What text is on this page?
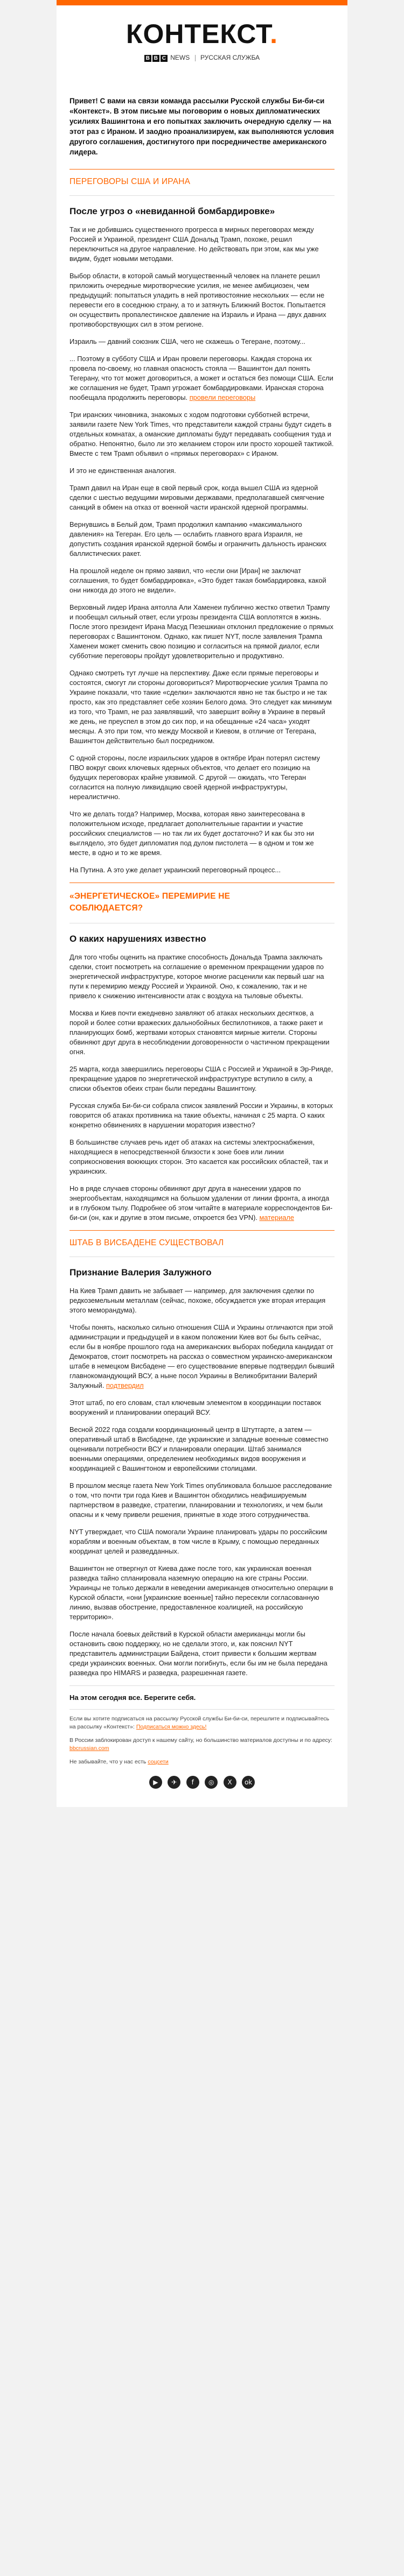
КОНТЕКСТ.
B B C NEWS РУССКАЯ СЛУЖБА

Привет! С вами на связи команда рассылки Русской службы Би-би-си «Контекст». В этом письме мы поговорим о новых дипломатических усилиях Вашингтона и его попытках заключить очередную сделку — на этот раз с Ираном. И заодно проанализируем, как выполняются условия другого соглашения, достигнутого при посредничестве американского лидера.

ПЕРЕГОВОРЫ США И ИРАНА
После угроз о «невиданной бомбардировке»

Так и не добившись существенного прогресса в мирных переговорах между Россией и Украиной, президент США Дональд Трамп, похоже, решил переключиться на другое направление. Но действовать при этом, как мы уже видим, будет новыми методами.

Выбор области, в которой самый могущественный человек на планете решил приложить очередные миротворческие усилия, не менее амбициозен, чем предыдущий: попытаться уладить в ней противостояние нескольких — если не перевести его в соседнюю страну, а то и затянуть Ближний Восток. Попытается он осуществить пропалестинское давление на Израиль и Ирана — двух давних противоборствующих сил в этом регионе.

Израиль — давний союзник США, чего не скажешь о Тегеране, поэтому...

... Поэтому в субботу США и Иран провели переговоры. Каждая сторона их провела по-своему, но главная опасность стояла — Вашингтон дал понять Тегерану, что тот может договориться, а может и остаться без помощи США. Если же соглашения не будет, Трамп угрожает бомбардировками. Иранская сторона пообещала продолжить переговоры. провели переговоры

Три иранских чиновника, знакомых с ходом подготовки субботней встречи, заявили газете New York Times, что представители каждой страны будут сидеть в отдельных комнатах, а оманские дипломаты будут передавать сообщения туда и обратно. Непонятно, было ли это желанием сторон или просто хорошей тактикой. Вместе с тем Трамп объявил о «прямых переговорах» с Ираном.

И это не единственная аналогия.

Трамп давил на Иран еще в свой первый срок, когда вышел США из ядерной сделки с шестью ведущими мировыми державами, предполагавшей смягчение санкций в обмен на отказ от военной части иранской ядерной программы.

Вернувшись в Белый дом, Трамп продолжил кампанию «максимального давления» на Тегеран. Его цель — ослабить главного врага Израиля, не допустить создания иранской ядерной бомбы и ограничить дальность иранских баллистических ракет.

На прошлой неделе он прямо заявил, что «если они [Иран] не заключат соглашения, то будет бомбардировка», «Это будет такая бомбардировка, какой они никогда до этого не видели».

Верховный лидер Ирана аятолла Али Хаменеи публично жестко ответил Трампу и пообещал сильный ответ, если угрозы президента США воплотятся в жизнь. После этого президент Ирана Масуд Пезешкиан отклонил предложение о прямых переговорах с Вашингтоном. Однако, как пишет NYT, после заявления Трампа Хаменеи может сменить свою позицию и согласиться на прямой диалог, если субботние переговоры пройдут удовлетворительно и продуктивно.

Однако смотреть тут лучше на перспективу. Даже если прямые переговоры и состоятся, смогут ли стороны договориться? Миротворческие усилия Трампа по Украине показали, что такие «сделки» заключаются явно не так быстро и не так просто, как это представляет себе хозяин Белого дома. Это следует как минимум из того, что Трамп, не раз заявлявший, что завершит войну в Украине в первый же день, не преуспел в этом до сих пор, и на обещанные «24 часа» уходят месяцы. А это при том, что между Москвой и Киевом, в отличие от Тегерана, Вашингтон действительно был посредником.

С одной стороны, после израильских ударов в октябре Иран потерял систему ПВО вокруг своих ключевых ядерных объектов, что делает его позицию на будущих переговорах крайне уязвимой. С другой — ожидать, что Тегеран согласится на полную ликвидацию своей ядерной инфраструктуры, нереалистично.

Что же делать тогда? Например, Москва, которая явно заинтересована в положительном исходе, предлагает дополнительные гарантии и участие российских специалистов — но так ли их будет достаточно? И как бы это ни выглядело, это будет дипломатия под дулом пистолета — в одном и том же месте, в одно и то же время.

На Путина. А это уже делает украинский переговорный процесс...

«ЭНЕРГЕТИЧЕСКОЕ» ПЕРЕМИРИЕ НЕ
СОБЛЮДАЕТСЯ?
О каких нарушениях известно

Для того чтобы оценить на практике способность Дональда Трампа заключать сделки, стоит посмотреть на соглашение о временном прекращении ударов по энергетической инфраструктуре, которое многие расценили как первый шаг на пути к перемирию между Россией и Украиной. Оно, к сожалению, так и не привело к снижению интенсивности атак с воздуха на тыловые объекты.

Москва и Киев почти ежедневно заявляют об атаках нескольких десятков, а порой и более сотни вражеских дальнобойных беспилотников, а также ракет и планирующих бомб, жертвами которых становятся мирные жители. Стороны обвиняют друг друга в несоблюдении договоренности о частичном прекращении огня.

25 марта, когда завершились переговоры США с Россией и Украиной в Эр-Рияде, прекращение ударов по энергетической инфраструктуре вступило в силу, а списки объектов обеих стран были переданы Вашингтону.

Русская служба Би-би-си собрала список заявлений России и Украины, в которых говорится об атаках противника на такие объекты, начиная с 25 марта. О каких конкретно обвинениях в нарушении моратория известно?

В большинстве случаев речь идет об атаках на системы электроснабжения, находящиеся в непосредственной близости к зоне боев или линии соприкосновения воюющих сторон. Это касается как российских областей, так и украинских.

Но в ряде случаев стороны обвиняют друг друга в нанесении ударов по энергообъектам, находящимся на большом удалении от линии фронта, а иногда и в глубоком тылу. Подробнее об этом читайте в материале корреспондентов Би-би-си (он, как и другие в этом письме, откроется без VPN). материале

ШТАБ В ВИСБАДЕНЕ СУЩЕСТВОВАЛ
Признание Валерия Залужного

На Киев Трамп давить не забывает — например, для заключения сделки по редкоземельным металлам (сейчас, похоже, обсуждается уже вторая итерация этого меморандума).

Чтобы понять, насколько сильно отношения США и Украины отличаются при этой администрации и предыдущей и в каком положении Киев вот бы быть сейчас, если бы в ноябре прошлого года на американских выборах победила кандидат от Демократов, стоит посмотреть на рассказ о совместном украинско-американском штабе в немецком Висбадене — его существование впервые подтвердил бывший главнокомандующий ВСУ, а ныне посол Украины в Великобритании Валерий Залужный. подтвердил

Этот штаб, по его словам, стал ключевым элементом в координации поставок вооружений и планировании операций ВСУ.

Весной 2022 года создали координационный центр в Штутгарте, а затем — оперативный штаб в Висбадене, где украинские и западные военные совместно оценивали потребности ВСУ и планировали операции. Штаб занимался военными операциями, определением необходимых видов вооружения и координацией с Вашингтоном и европейскими столицами.

В прошлом месяце газета New York Times опубликовала большое расследование о том, что почти три года Киев и Вашингтон обходились неафишируемым партнерством в разведке, стратегии, планировании и технологиях, и чем были опасны и к чему привели решения, принятые в ходе этого сотрудничества.

NYT утверждает, что США помогали Украине планировать удары по российским кораблям и военным объектам, в том числе в Крыму, с помощью переданных координат целей и разведданных.

Вашингтон не отвергнул от Киева даже после того, как украинская военная разведка тайно спланировала наземную операцию на юге страны России. Украинцы не только держали в неведении американцев относительно операции в Курской области, «они [украинские военные] тайно пересекли согласованную линию, вызвав обострение, предоставленное коалицией, на российскую территорию».

После начала боевых действий в Курской области американцы могли бы остановить свою поддержку, но не сделали этого, и, как пояснил NYT представитель администрации Байдена, стоит привести к большим жертвам среди украинских военных. Они могли погибнуть, если бы им не была передана разведка про HIMARS и разведка, разрешенная газете.

На этом сегодня все. Берегите себя.

Если вы хотите подписаться на рассылку Русской службы Би-би-си, перешлите и подписывайтесь на рассылку «Контекст»: Подписаться можно здесь!

В России заблокирован доступ к нашему сайту, но большинство материалов доступны и по адресу: bbcrussian.com

Не забывайте, что у нас есть соцсети

▶ ✈ f ◎ X ok
